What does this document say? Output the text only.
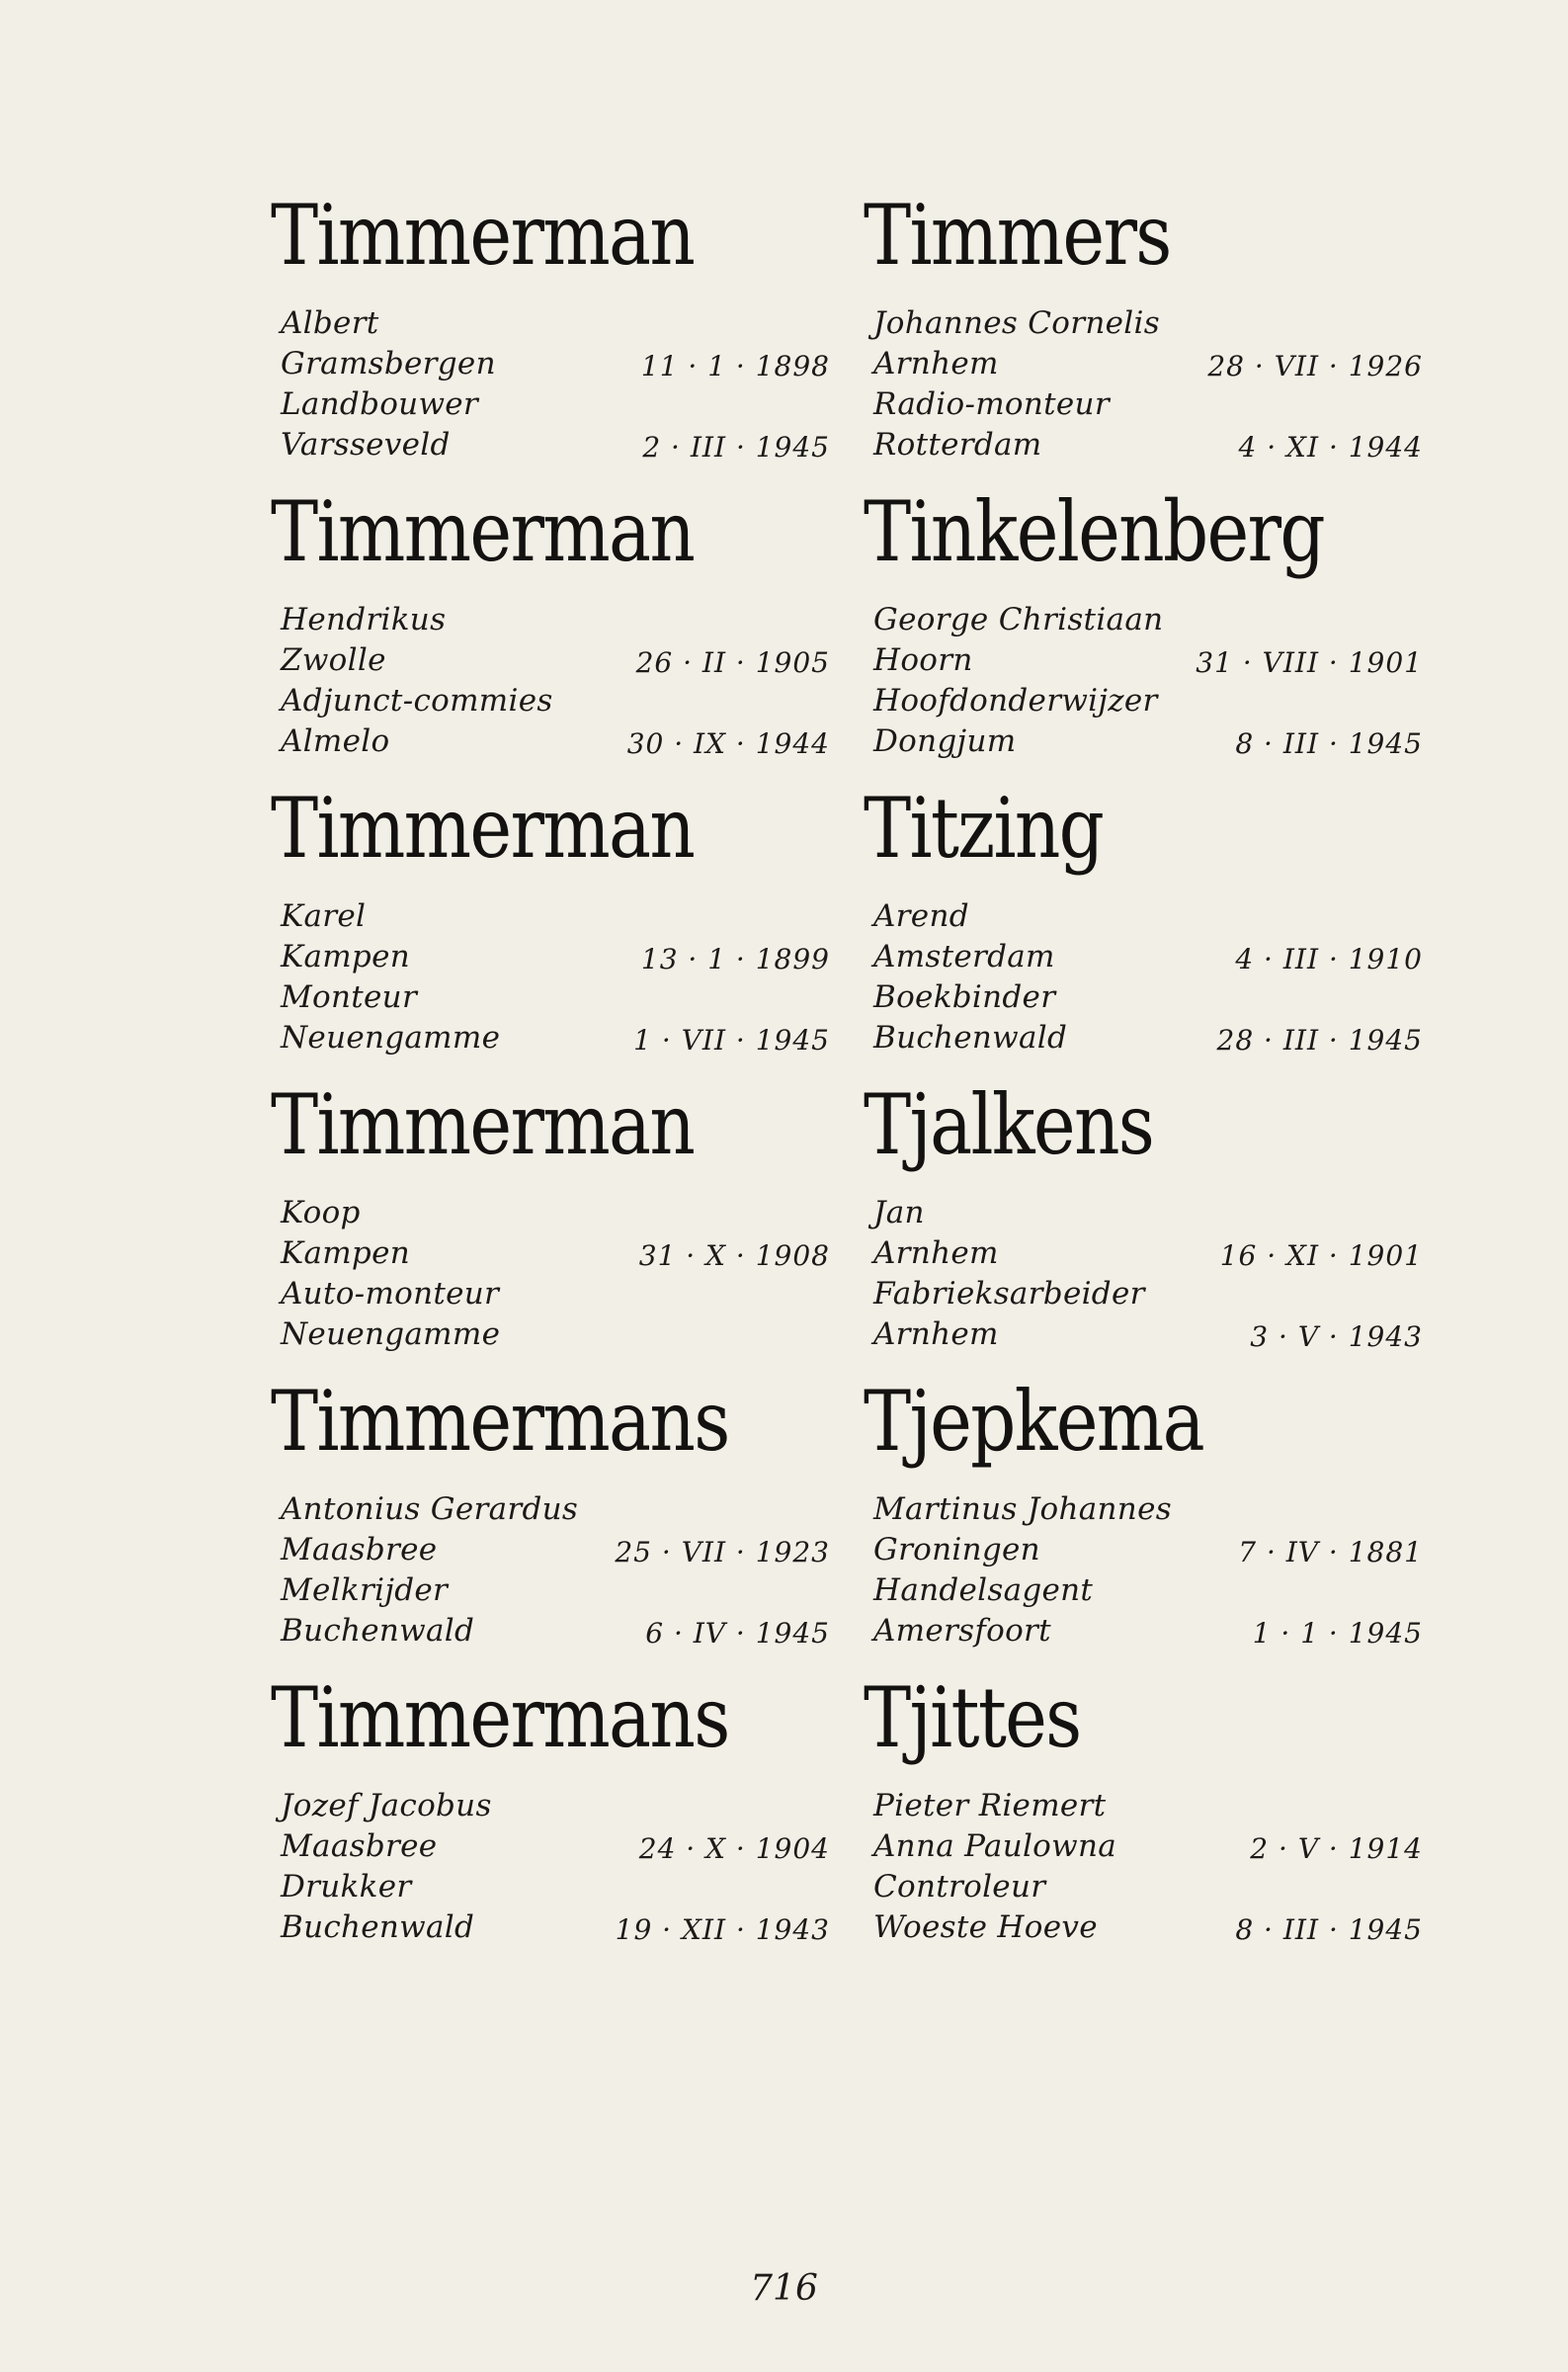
Timmerman
Albert
Gramsbergen	11 · 1 · 1898
Landbouwer
Varsseveld	2 · III · 1945
Timmerman
Hendrikus
Zwolle	26 · II · 1905
Adjunct-commies
Almelo	30 · IX · 1944
Timmerman
Karel
Kampen	13 · 1 · 1899
Monteur
Neuengamme	1 · VII · 1945
Timmerman
Koop
Kampen	31 · X · 1908
Auto-monteur
Neuengamme
Timmermans
Antonius Gerardus
Maasbree	25 · VII · 1923
Melkrijder
Buchenwald	6 · IV · 1945
Timmermans
Jozef Jacobus
Maasbree	24 · X · 1904
Drukker
Buchenwald	19 · XII · 1943
Timmers
Johannes Cornelis
Arnhem	28 · VII · 1926
Radio-monteur
Rotterdam	4 · XI · 1944
Tinkelenberg
George Christiaan
Hoorn	31 · VIII · 1901
Hoofdonderwijzer
Dongjum	8 · III · 1945
Titzing
Arend
Amsterdam	4 · III · 1910
Boekbinder
Buchenwald	28 · III · 1945
Tjalkens
Jan
Arnhem	16 · XI · 1901
Fabrieksarbeider
Arnhem	3 · V · 1943
Tjepkema
Martinus Johannes
Groningen	7 · IV · 1881
Handelsagent
Amersfoort	1 · 1 · 1945
Tjittes
Pieter Riemert
Anna Paulowna	2 · V · 1914
Controleur
Woeste Hoeve	8 · III · 1945
716
